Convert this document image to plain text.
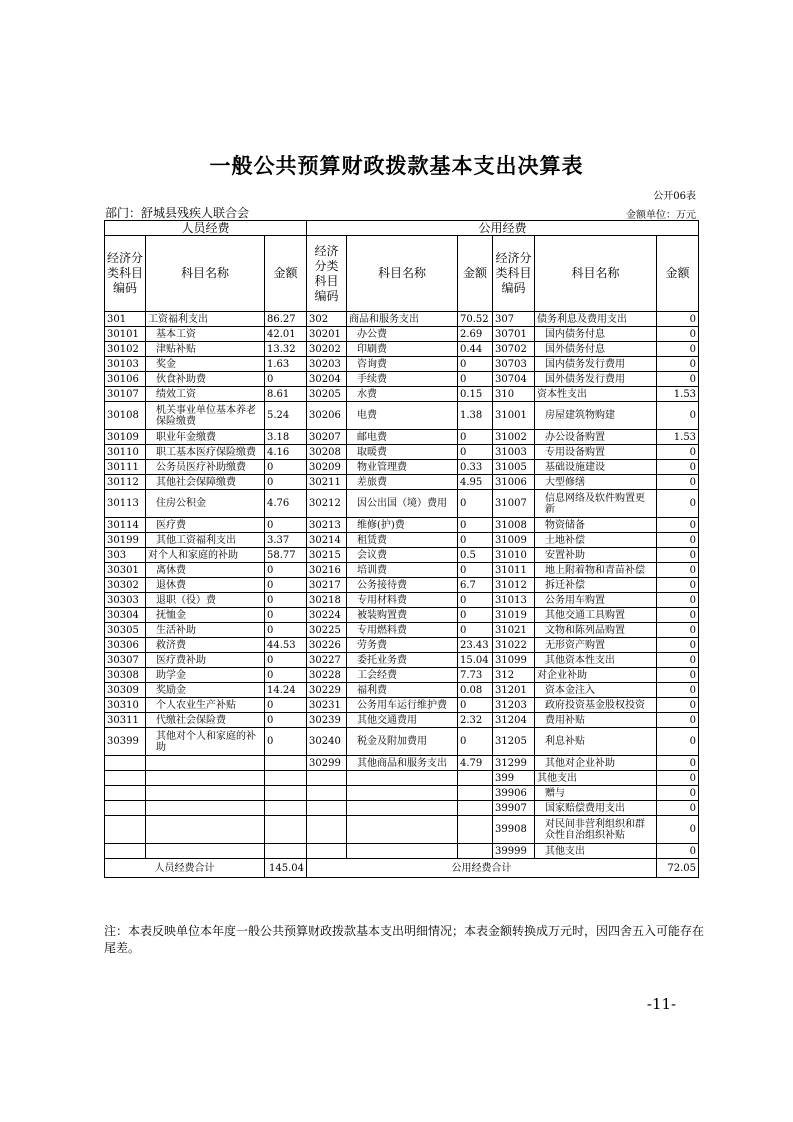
一般公共预算财政拨款基本支出决算表
公开06表
部门：舒城县残疾人联合会	金额单位：万元
人员经费			公用经费					
经济分类科目编码	科目名称	金额	经济分类科目编码	科目名称	金额	经济分类科目编码	科目名称	金额
301	工资福利支出	86.27	302	商品和服务支出	70.52	307	债务利息及费用支出	0
30101	基本工资	42.01	30201	办公费	2.69	30701	国内债务付息	0
30102	津贴补贴	13.32	30202	印刷费	0.44	30702	国外债务付息	0
30103	奖金	1.63	30203	咨询费	0	30703	国内债务发行费用	0
30106	伙食补助费	0	30204	手续费	0	30704	国外债务发行费用	0
30107	绩效工资	8.61	30205	水费	0.15	310	资本性支出	1.53
30108	机关事业单位基本养老保险缴费	5.24	30206	电费	1.38	31001	房屋建筑物购建	0
30109	职业年金缴费	3.18	30207	邮电费	0	31002	办公设备购置	1.53
30110	职工基本医疗保险缴费	4.16	30208	取暖费	0	31003	专用设备购置	0
30111	公务员医疗补助缴费	0	30209	物业管理费	0.33	31005	基础设施建设	0
30112	其他社会保障缴费	0	30211	差旅费	4.95	31006	大型修缮	0
30113	住房公积金	4.76	30212	因公出国（境）费用	0	31007	信息网络及软件购置更新	0
30114	医疗费	0	30213	维修(护)费	0	31008	物资储备	0
30199	其他工资福利支出	3.37	30214	租赁费	0	31009	土地补偿	0
303	对个人和家庭的补助	58.77	30215	会议费	0.5	31010	安置补助	0
30301	离休费	0	30216	培训费	0	31011	地上附着物和青苗补偿	0
30302	退休费	0	30217	公务接待费	6.7	31012	拆迁补偿	0
30303	退职（役）费	0	30218	专用材料费	0	31013	公务用车购置	0
30304	抚恤金	0	30224	被装购置费	0	31019	其他交通工具购置	0
30305	生活补助	0	30225	专用燃料费	0	31021	文物和陈列品购置	0
30306	救济费	44.53	30226	劳务费	23.43	31022	无形资产购置	0
30307	医疗费补助	0	30227	委托业务费	15.04	31099	其他资本性支出	0
30308	助学金	0	30228	工会经费	7.73	312	对企业补助	0
30309	奖励金	14.24	30229	福利费	0.08	31201	资本金注入	0
30310	个人农业生产补贴	0	30231	公务用车运行维护费	0	31203	政府投资基金股权投资	0
30311	代缴社会保险费	0	30239	其他交通费用	2.32	31204	费用补贴	0
30399	其他对个人和家庭的补助	0	30240	税金及附加费用	0	31205	利息补贴	0
			30299	其他商品和服务支出	4.79	31299	其他对企业补助	0
						399	其他支出	0
						39906	赠与	0
						39907	国家赔偿费用支出	0
						39908	对民间非营利组织和群众性自治组织补贴	0
						39999	其他支出	0
人员经费合计		145.04	公用经费合计					72.05
注：本表反映单位本年度一般公共预算财政拨款基本支出明细情况；本表金额转换成万元时，因四舍五入可能存在尾差。
-11-
